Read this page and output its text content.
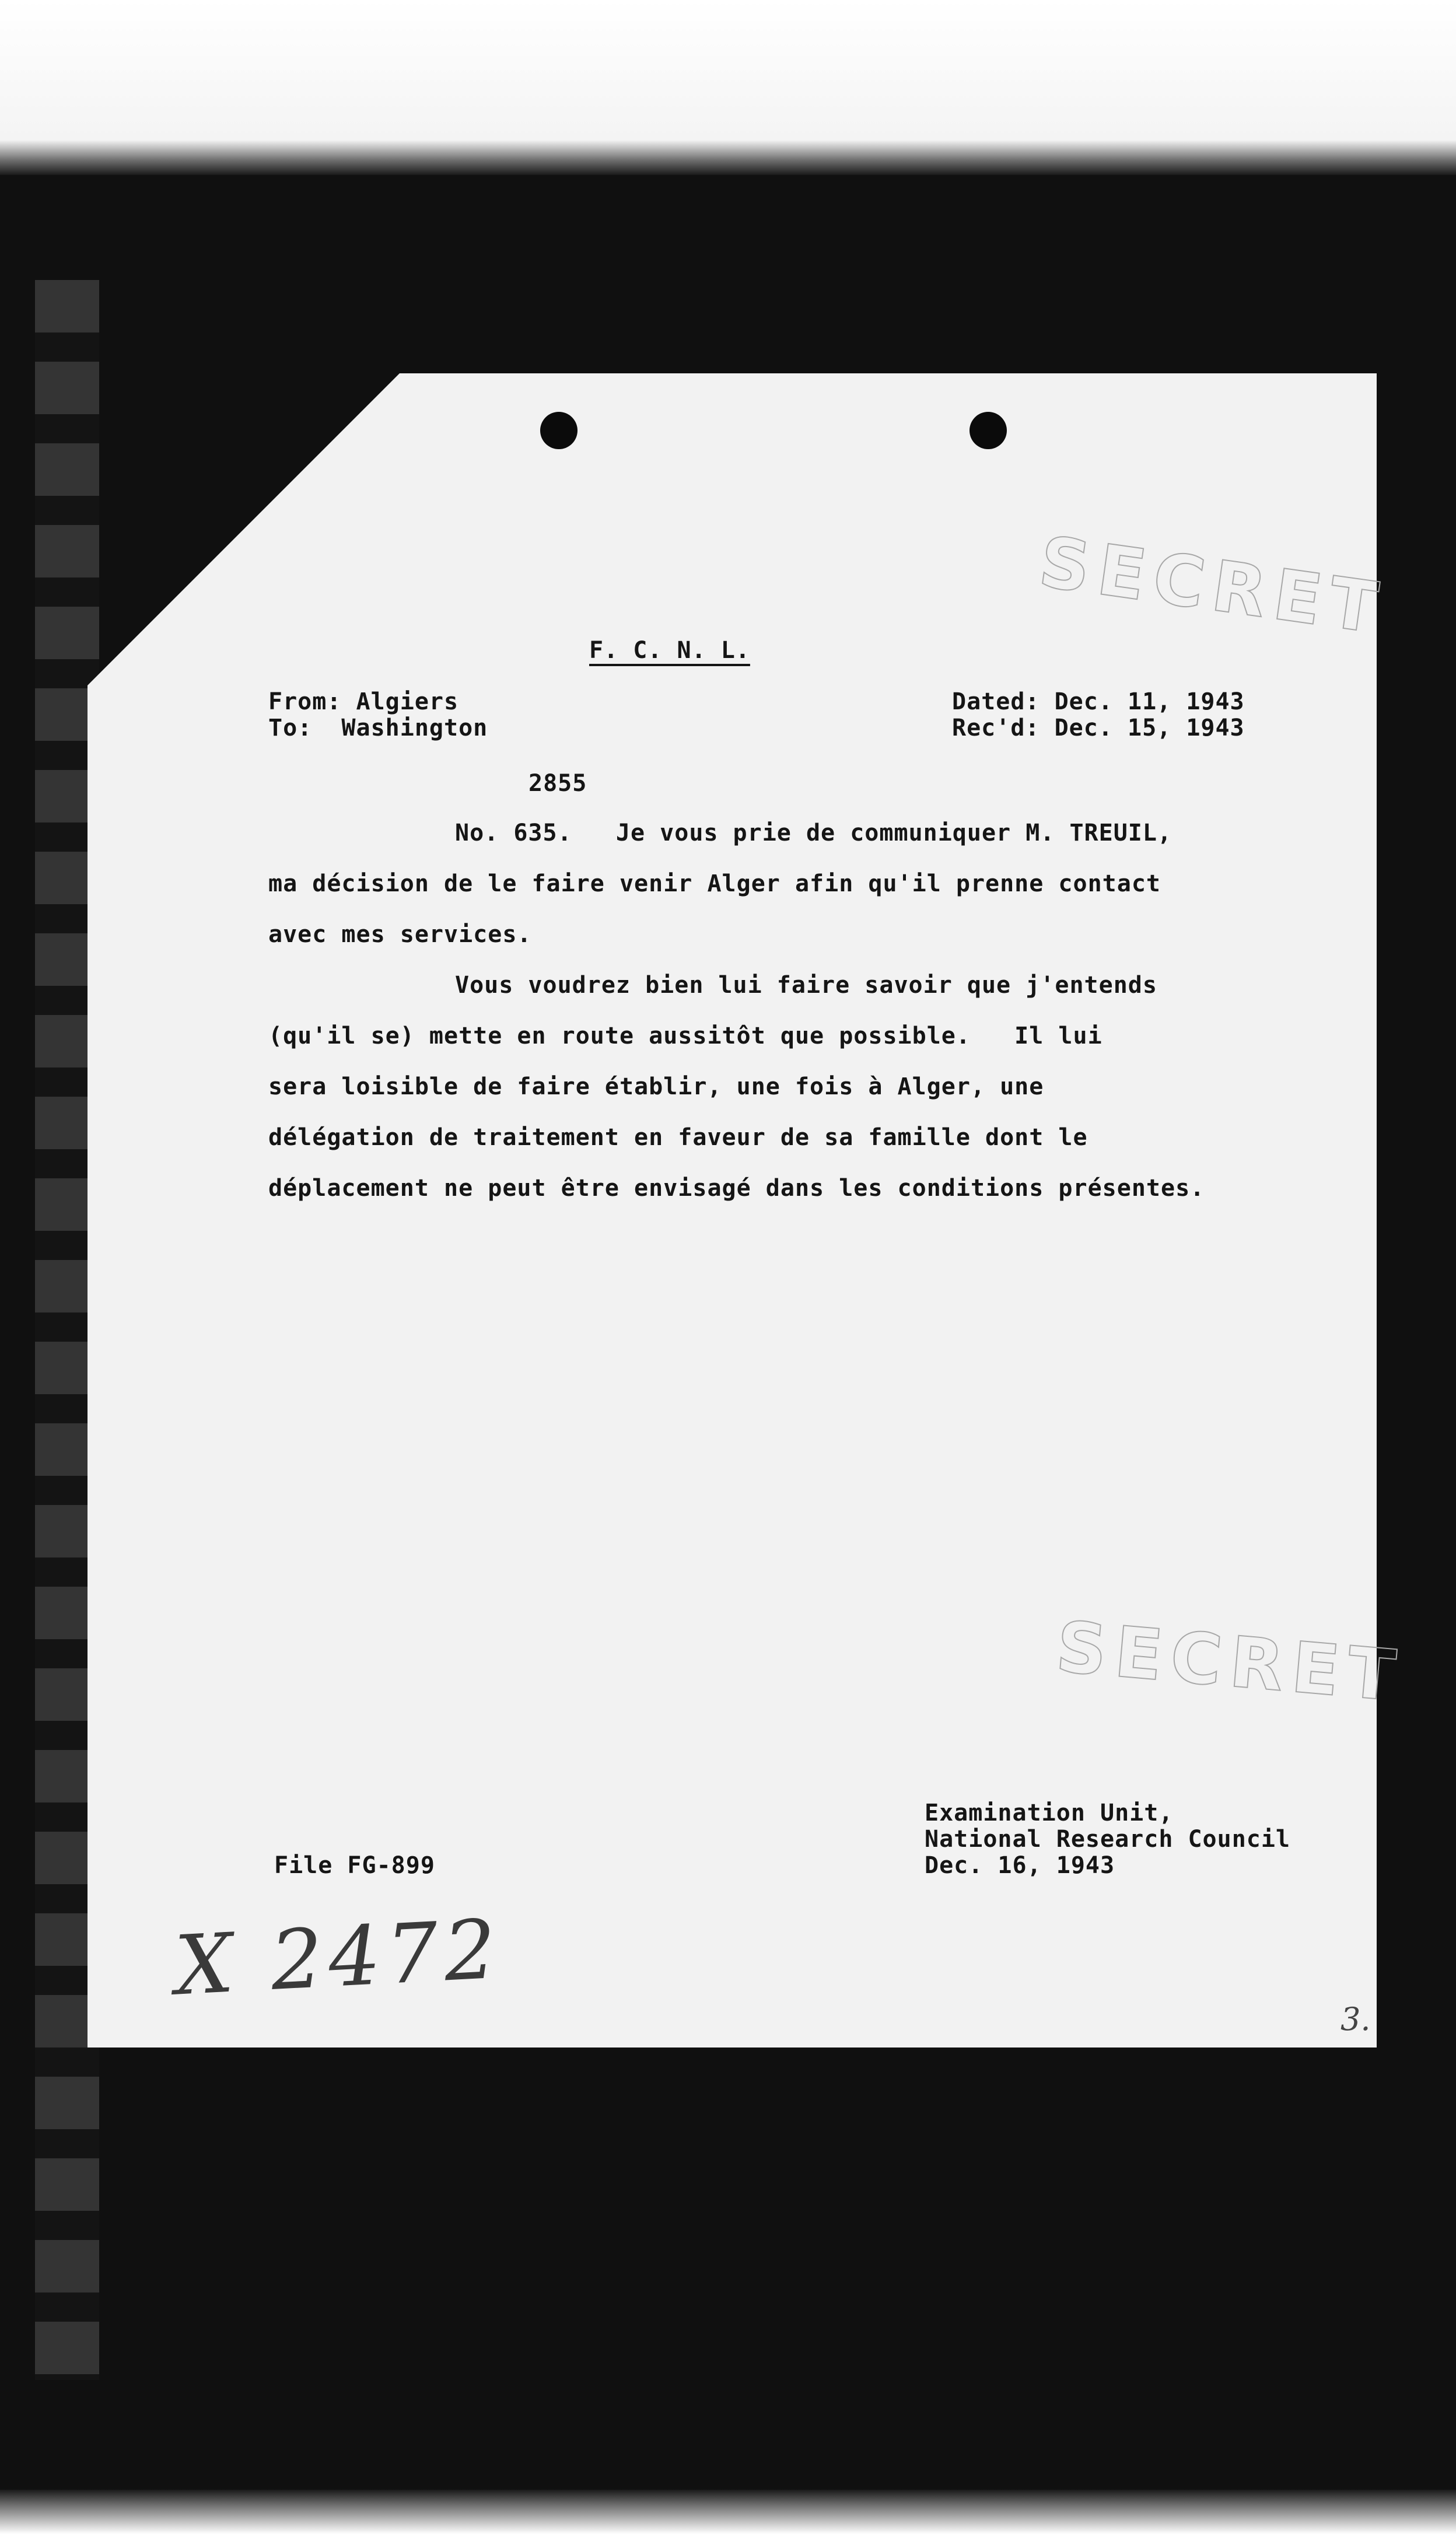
SECRET
F. C. N. L.
From: Algiers
To:  Washington
Dated: Dec. 11, 1943
Rec'd: Dec. 15, 1943
2855
No. 635.   Je vous prie de communiquer M. TREUIL,
ma décision de le faire venir Alger afin qu'il prenne contact
avec mes services.
Vous voudrez bien lui faire savoir que j'entends
(qu'il se) mette en route aussitôt que possible.   Il lui
sera loisible de faire établir, une fois à Alger, une
délégation de traitement en faveur de sa famille dont le
déplacement ne peut être envisagé dans les conditions présentes.
SECRET
Examination Unit,
National Research Council
File FG-899	Dec. 16, 1943
X 2472
3.
